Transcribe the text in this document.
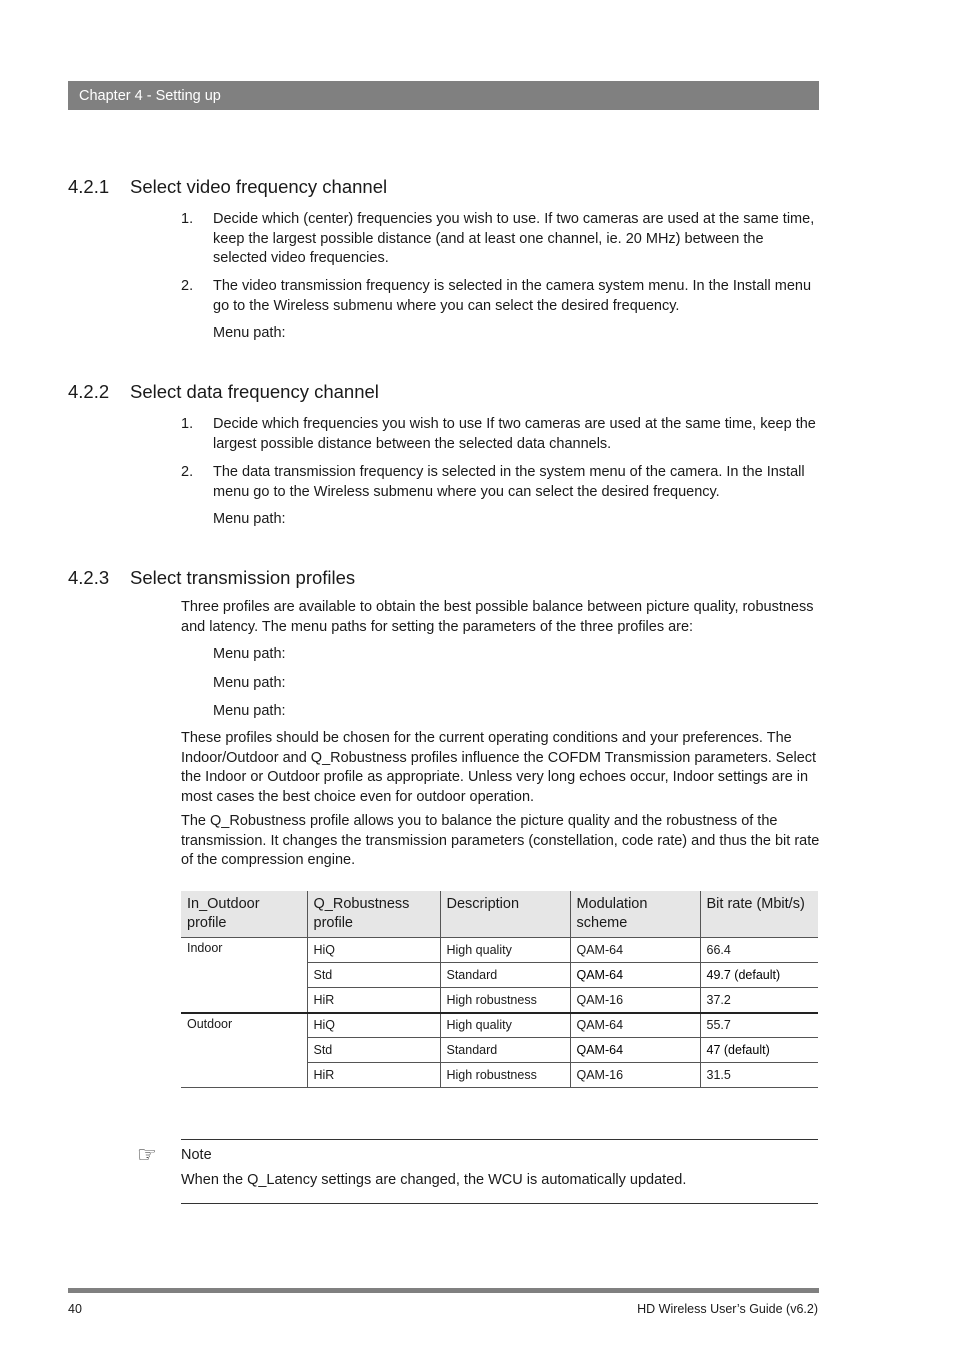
Chapter 4 - Setting up
4.2.1 Select video frequency channel
1. Decide which (center) frequencies you wish to use. If two cameras are used at the same time, keep the largest possible distance (and at least one channel, ie. 20 MHz) between the selected video frequencies.
2. The video transmission frequency is selected in the camera system menu. In the Install menu go to the Wireless submenu where you can select the desired frequency.
Menu path:
4.2.2 Select data frequency channel
1. Decide which frequencies you wish to use If two cameras are used at the same time, keep the largest possible distance between the selected data channels.
2. The data transmission frequency is selected in the system menu of the camera. In the Install menu go to the Wireless submenu where you can select the desired frequency.
Menu path:
4.2.3 Select transmission profiles
Three profiles are available to obtain the best possible balance between picture quality, robustness and latency. The menu paths for setting the parameters of the three profiles are:
Menu path:
Menu path:
Menu path:
These profiles should be chosen for the current operating conditions and your preferences. The Indoor/Outdoor and Q_Robustness profiles influence the COFDM Transmission parameters. Select the Indoor or Outdoor profile as appropriate. Unless very long echoes occur, Indoor settings are in most cases the best choice even for outdoor operation.
The Q_Robustness profile allows you to balance the picture quality and the robustness of the transmission. It changes the transmission parameters (constellation, code rate) and thus the bit rate of the compression engine.
In_Outdoor profile	Q_Robustness profile	Description	Modulation scheme	Bit rate (Mbit/s)
Indoor	HiQ	High quality	QAM-64	66.4
	Std	Standard	QAM-64	49.7 (default)
	HiR	High robustness	QAM-16	37.2
Outdoor	HiQ	High quality	QAM-64	55.7
	Std	Standard	QAM-64	47 (default)
	HiR	High robustness	QAM-16	31.5
☞ Note
When the Q_Latency settings are changed, the WCU is automatically updated.
40	HD Wireless User’s Guide (v6.2)
